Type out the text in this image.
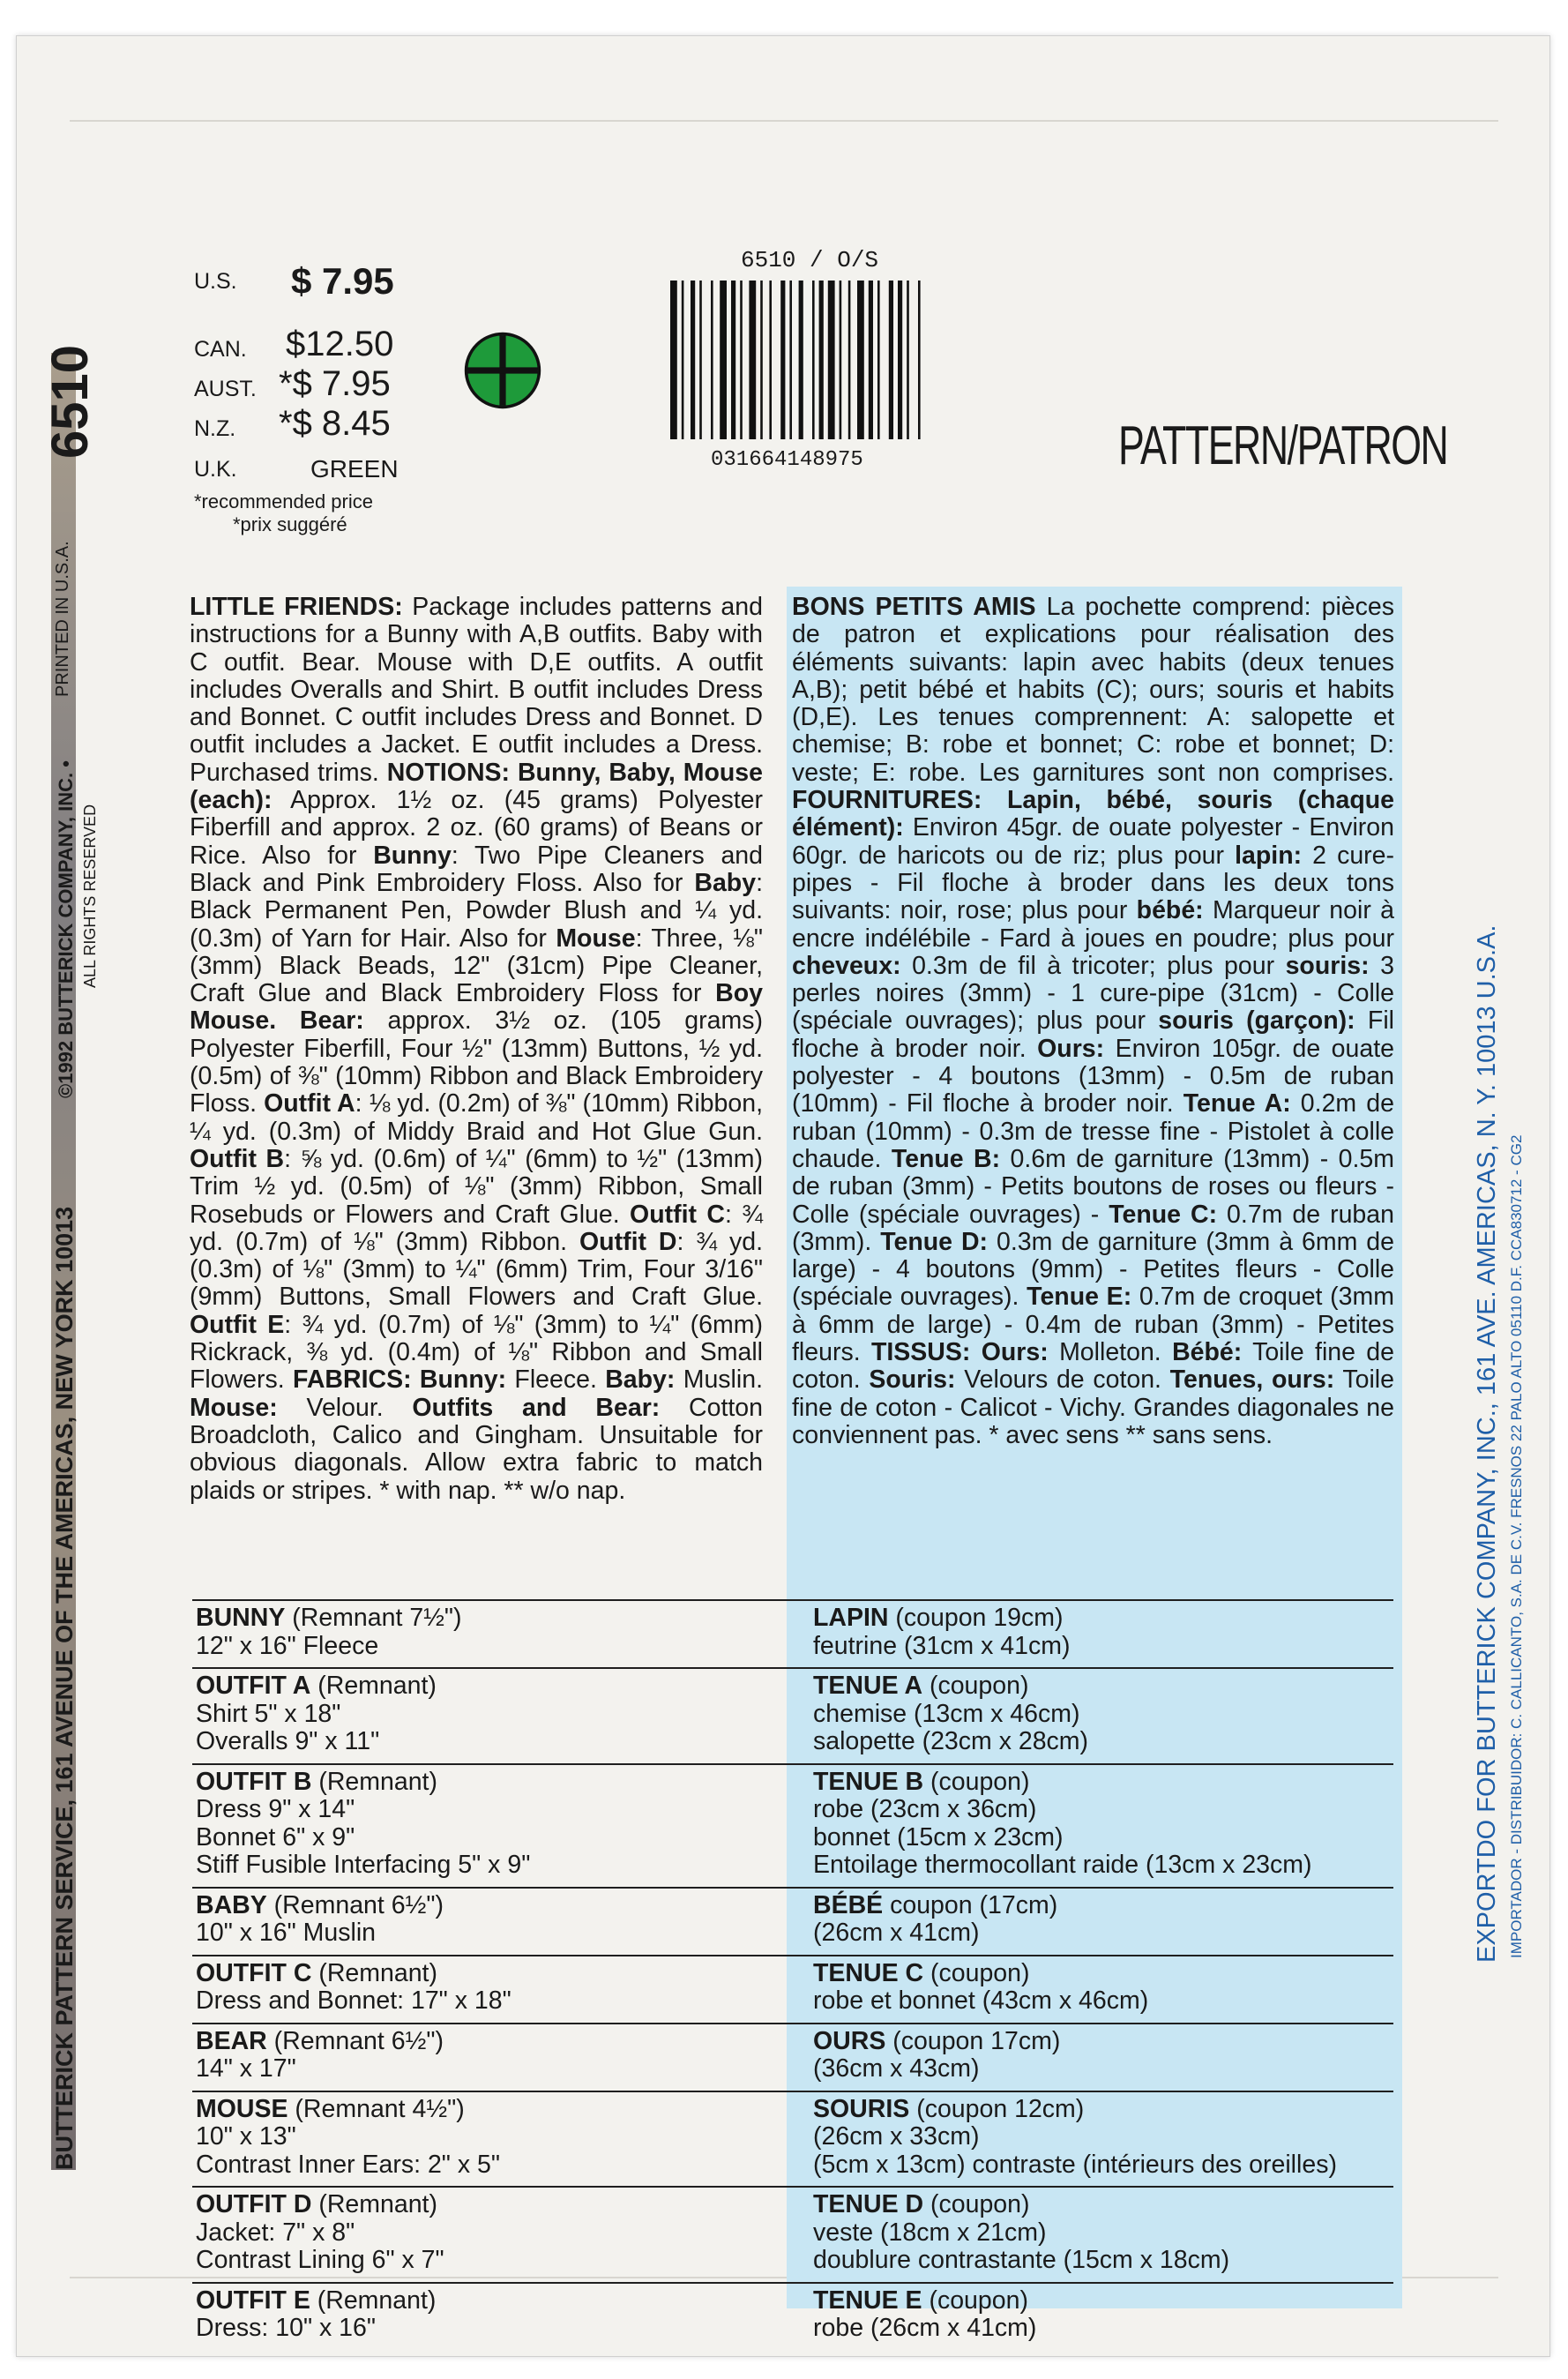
6510
PRINTED IN U.S.A.
©1992 BUTTERICK COMPANY, INC. • ALL RIGHTS RESERVED
BUTTERICK PATTERN SERVICE, 161 AVENUE OF THE AMERICAS, NEW YORK 10013
U.S. $ 7.95
CAN. $12.50
AUST. *$ 7.95
N.Z. *$ 8.45
U.K.	GREEN
*recommended price
*prix suggéré
6510 / O/S
031664148975	PATTERN/PATRON

LITTLE FRIENDS: Package includes patterns and instructions for a Bunny with A,B outfits. Baby with C outfit. Bear. Mouse with D,E outfits. A outfit includes Overalls and Shirt. B outfit includes Dress and Bonnet. C outfit includes Dress and Bonnet. D outfit includes a Jacket. E outfit includes a Dress. Purchased trims. NOTIONS: Bunny, Baby, Mouse (each): Approx. 1½ oz. (45 grams) Polyester Fiberfill and approx. 2 oz. (60 grams) of Beans or Rice. Also for Bunny: Two Pipe Cleaners and Black and Pink Embroidery Floss. Also for Baby: Black Permanent Pen, Powder Blush and ¼ yd. (0.3m) of Yarn for Hair. Also for Mouse: Three, ⅛" (3mm) Black Beads, 12" (31cm) Pipe Cleaner, Craft Glue and Black Embroidery Floss for Boy Mouse. Bear: approx. 3½ oz. (105 grams) Polyester Fiberfill, Four ½" (13mm) Buttons, ½ yd. (0.5m) of ⅜" (10mm) Ribbon and Black Embroidery Floss. Outfit A: ⅛ yd. (0.2m) of ⅜" (10mm) Ribbon, ¼ yd. (0.3m) of Middy Braid and Hot Glue Gun. Outfit B: ⅝ yd. (0.6m) of ¼" (6mm) to ½" (13mm) Trim ½ yd. (0.5m) of ⅛" (3mm) Ribbon, Small Rosebuds or Flowers and Craft Glue. Outfit C: ¾ yd. (0.7m) of ⅛" (3mm) Ribbon. Outfit D: ¾ yd. (0.3m) of ⅛" (3mm) to ¼" (6mm) Trim, Four 3/16" (9mm) Buttons, Small Flowers and Craft Glue. Outfit E: ¾ yd. (0.7m) of ⅛" (3mm) to ¼" (6mm) Rickrack, ⅜ yd. (0.4m) of ⅛" Ribbon and Small Flowers. FABRICS: Bunny: Fleece. Baby: Muslin. Mouse: Velour. Outfits and Bear: Cotton Broadcloth, Calico and Gingham. Unsuitable for obvious diagonals. Allow extra fabric to match plaids or stripes. * with nap. ** w/o nap.

BONS PETITS AMIS La pochette comprend: pièces de patron et explications pour réalisation des éléments suivants: lapin avec habits (deux tenues A,B); petit bébé et habits (C); ours; souris et habits (D,E). Les tenues comprennent: A: salopette et chemise; B: robe et bonnet; C: robe et bonnet; D: veste; E: robe. Les garnitures sont non comprises. FOURNITURES: Lapin, bébé, souris (chaque élément): Environ 45gr. de ouate polyester - Environ 60gr. de haricots ou de riz; plus pour lapin: 2 cure-pipes - Fil floche à broder dans les deux tons suivants: noir, rose; plus pour bébé: Marqueur noir à encre indélébile - Fard à joues en poudre; plus pour cheveux: 0.3m de fil à tricoter; plus pour souris: 3 perles noires (3mm) - 1 cure-pipe (31cm) - Colle (spéciale ouvrages); plus pour souris (garçon): Fil floche à broder noir. Ours: Environ 105gr. de ouate polyester - 4 boutons (13mm) - 0.5m de ruban (10mm) - Fil floche à broder noir. Tenue A: 0.2m de ruban (10mm) - 0.3m de tresse fine - Pistolet à colle chaude. Tenue B: 0.6m de garniture (13mm) - 0.5m de ruban (3mm) - Petits boutons de roses ou fleurs - Colle (spéciale ouvrages) - Tenue C: 0.7m de ruban (3mm). Tenue D: 0.3m de garniture (3mm à 6mm de large) - 4 boutons (9mm) - Petites fleurs - Colle (spéciale ouvrages). Tenue E: 0.7m de croquet (3mm à 6mm de large) - 0.4m de ruban (3mm) - Petites fleurs. TISSUS: Ours: Molleton. Bébé: Toile fine de coton. Souris: Velours de coton. Tenues, ours: Toile fine de coton - Calicot - Vichy. Grandes diagonales ne conviennent pas. * avec sens ** sans sens.

BUNNY (Remnant 7½")
12" x 16" Fleece
LAPIN (coupon 19cm)
feutrine (31cm x 41cm)
OUTFIT A (Remnant)
Shirt 5" x 18"
Overalls 9" x 11"
TENUE A (coupon)
chemise (13cm x 46cm)
salopette (23cm x 28cm)
OUTFIT B (Remnant)
Dress 9" x 14"
Bonnet 6" x 9"
Stiff Fusible Interfacing 5" x 9"
TENUE B (coupon)
robe (23cm x 36cm)
bonnet (15cm x 23cm)
Entoilage thermocollant raide (13cm x 23cm)
BABY (Remnant 6½")
10" x 16" Muslin
BÉBÉ coupon (17cm)
(26cm x 41cm)
OUTFIT C (Remnant)
Dress and Bonnet: 17" x 18"
TENUE C (coupon)
robe et bonnet (43cm x 46cm)
BEAR (Remnant 6½")
14" x 17"
OURS (coupon 17cm)
(36cm x 43cm)
MOUSE (Remnant 4½")
10" x 13"
Contrast Inner Ears: 2" x 5"
SOURIS (coupon 12cm)
(26cm x 33cm)
(5cm x 13cm) contraste (intérieurs des oreilles)
OUTFIT D (Remnant)
Jacket: 7" x 8"
Contrast Lining 6" x 7"
TENUE D (coupon)
veste (18cm x 21cm)
doublure contrastante (15cm x 18cm)
OUTFIT E (Remnant)
Dress: 10" x 16"
TENUE E (coupon)
robe (26cm x 41cm)
EXPORTDO FOR BUTTERICK COMPANY, INC., 161 AVE. AMERICAS, N. Y. 10013 U.S.A. IMPORTADOR - DISTRIBUIDOR: C. CALLICANTO, S.A. DE C.V. FRESNOS 22 PALO ALTO 05110 D.F. CCA830712 - CG2
